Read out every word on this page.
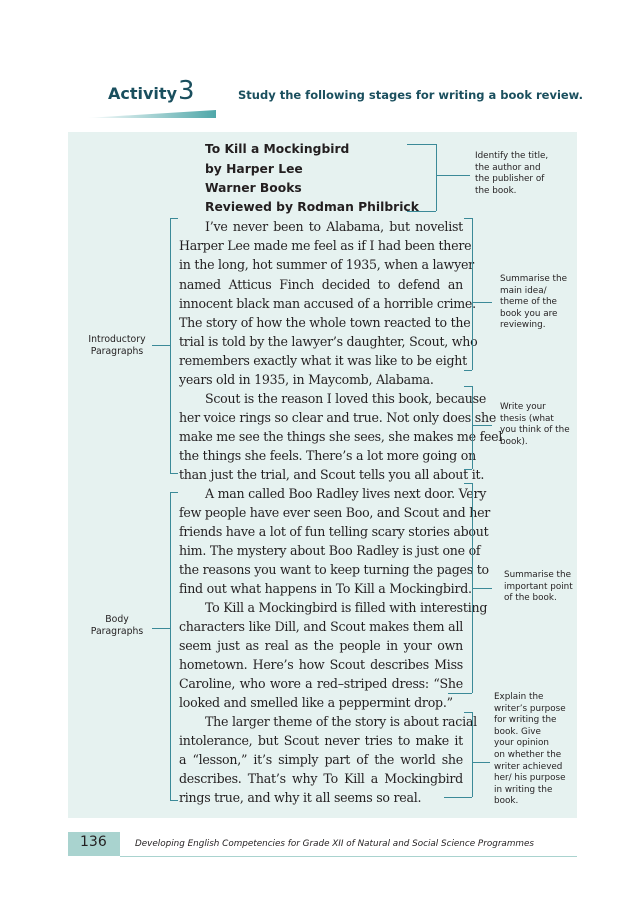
Activity 3	Study the following stages for writing a book review.
To Kill a Mockingbird
by Harper Lee
Warner Books
Reviewed by Rodman Philbrick
I’ve never been to Alabama, but novelist
Harper Lee made me feel as if I had been there
in the long, hot summer of 1935, when a lawyer
named Atticus Finch decided to defend an
innocent black man accused of a horrible crime.
The story of how the whole town reacted to the
trial is told by the lawyer’s daughter, Scout, who
remembers exactly what it was like to be eight
years old in 1935, in Maycomb, Alabama.
Scout is the reason I loved this book, because
her voice rings so clear and true. Not only does she
make me see the things she sees, she makes me feel
the things she feels. There’s a lot more going on
than just the trial, and Scout tells you all about it.
A man called Boo Radley lives next door. Very
few people have ever seen Boo, and Scout and her
friends have a lot of fun telling scary stories about
him. The mystery about Boo Radley is just one of
the reasons you want to keep turning the pages to
find out what happens in To Kill a Mockingbird.
To Kill a Mockingbird is filled with interesting
characters like Dill, and Scout makes them all
seem just as real as the people in your own
hometown. Here’s how Scout describes Miss
Caroline, who wore a red–striped dress: “She
looked and smelled like a peppermint drop.”
The larger theme of the story is about racial
intolerance, but Scout never tries to make it
a “lesson,” it’s simply part of the world she
describes. That’s why To Kill a Mockingbird
rings true, and why it all seems so real.
Introductory
Paragraphs
Body
Paragraphs
Identify the title,
the author and
the publisher of
the book.
Summarise the
main idea/
theme of the
book you are
reviewing.
Write your
thesis (what
you think of the
book).
Summarise the
important point
of the book.
Explain the
writer’s purpose
for writing the
book. Give
your opinion
on whether the
writer achieved
her/ his purpose
in writing the
book.
136	Developing English Competencies for Grade XII of Natural and Social Science Programmes
